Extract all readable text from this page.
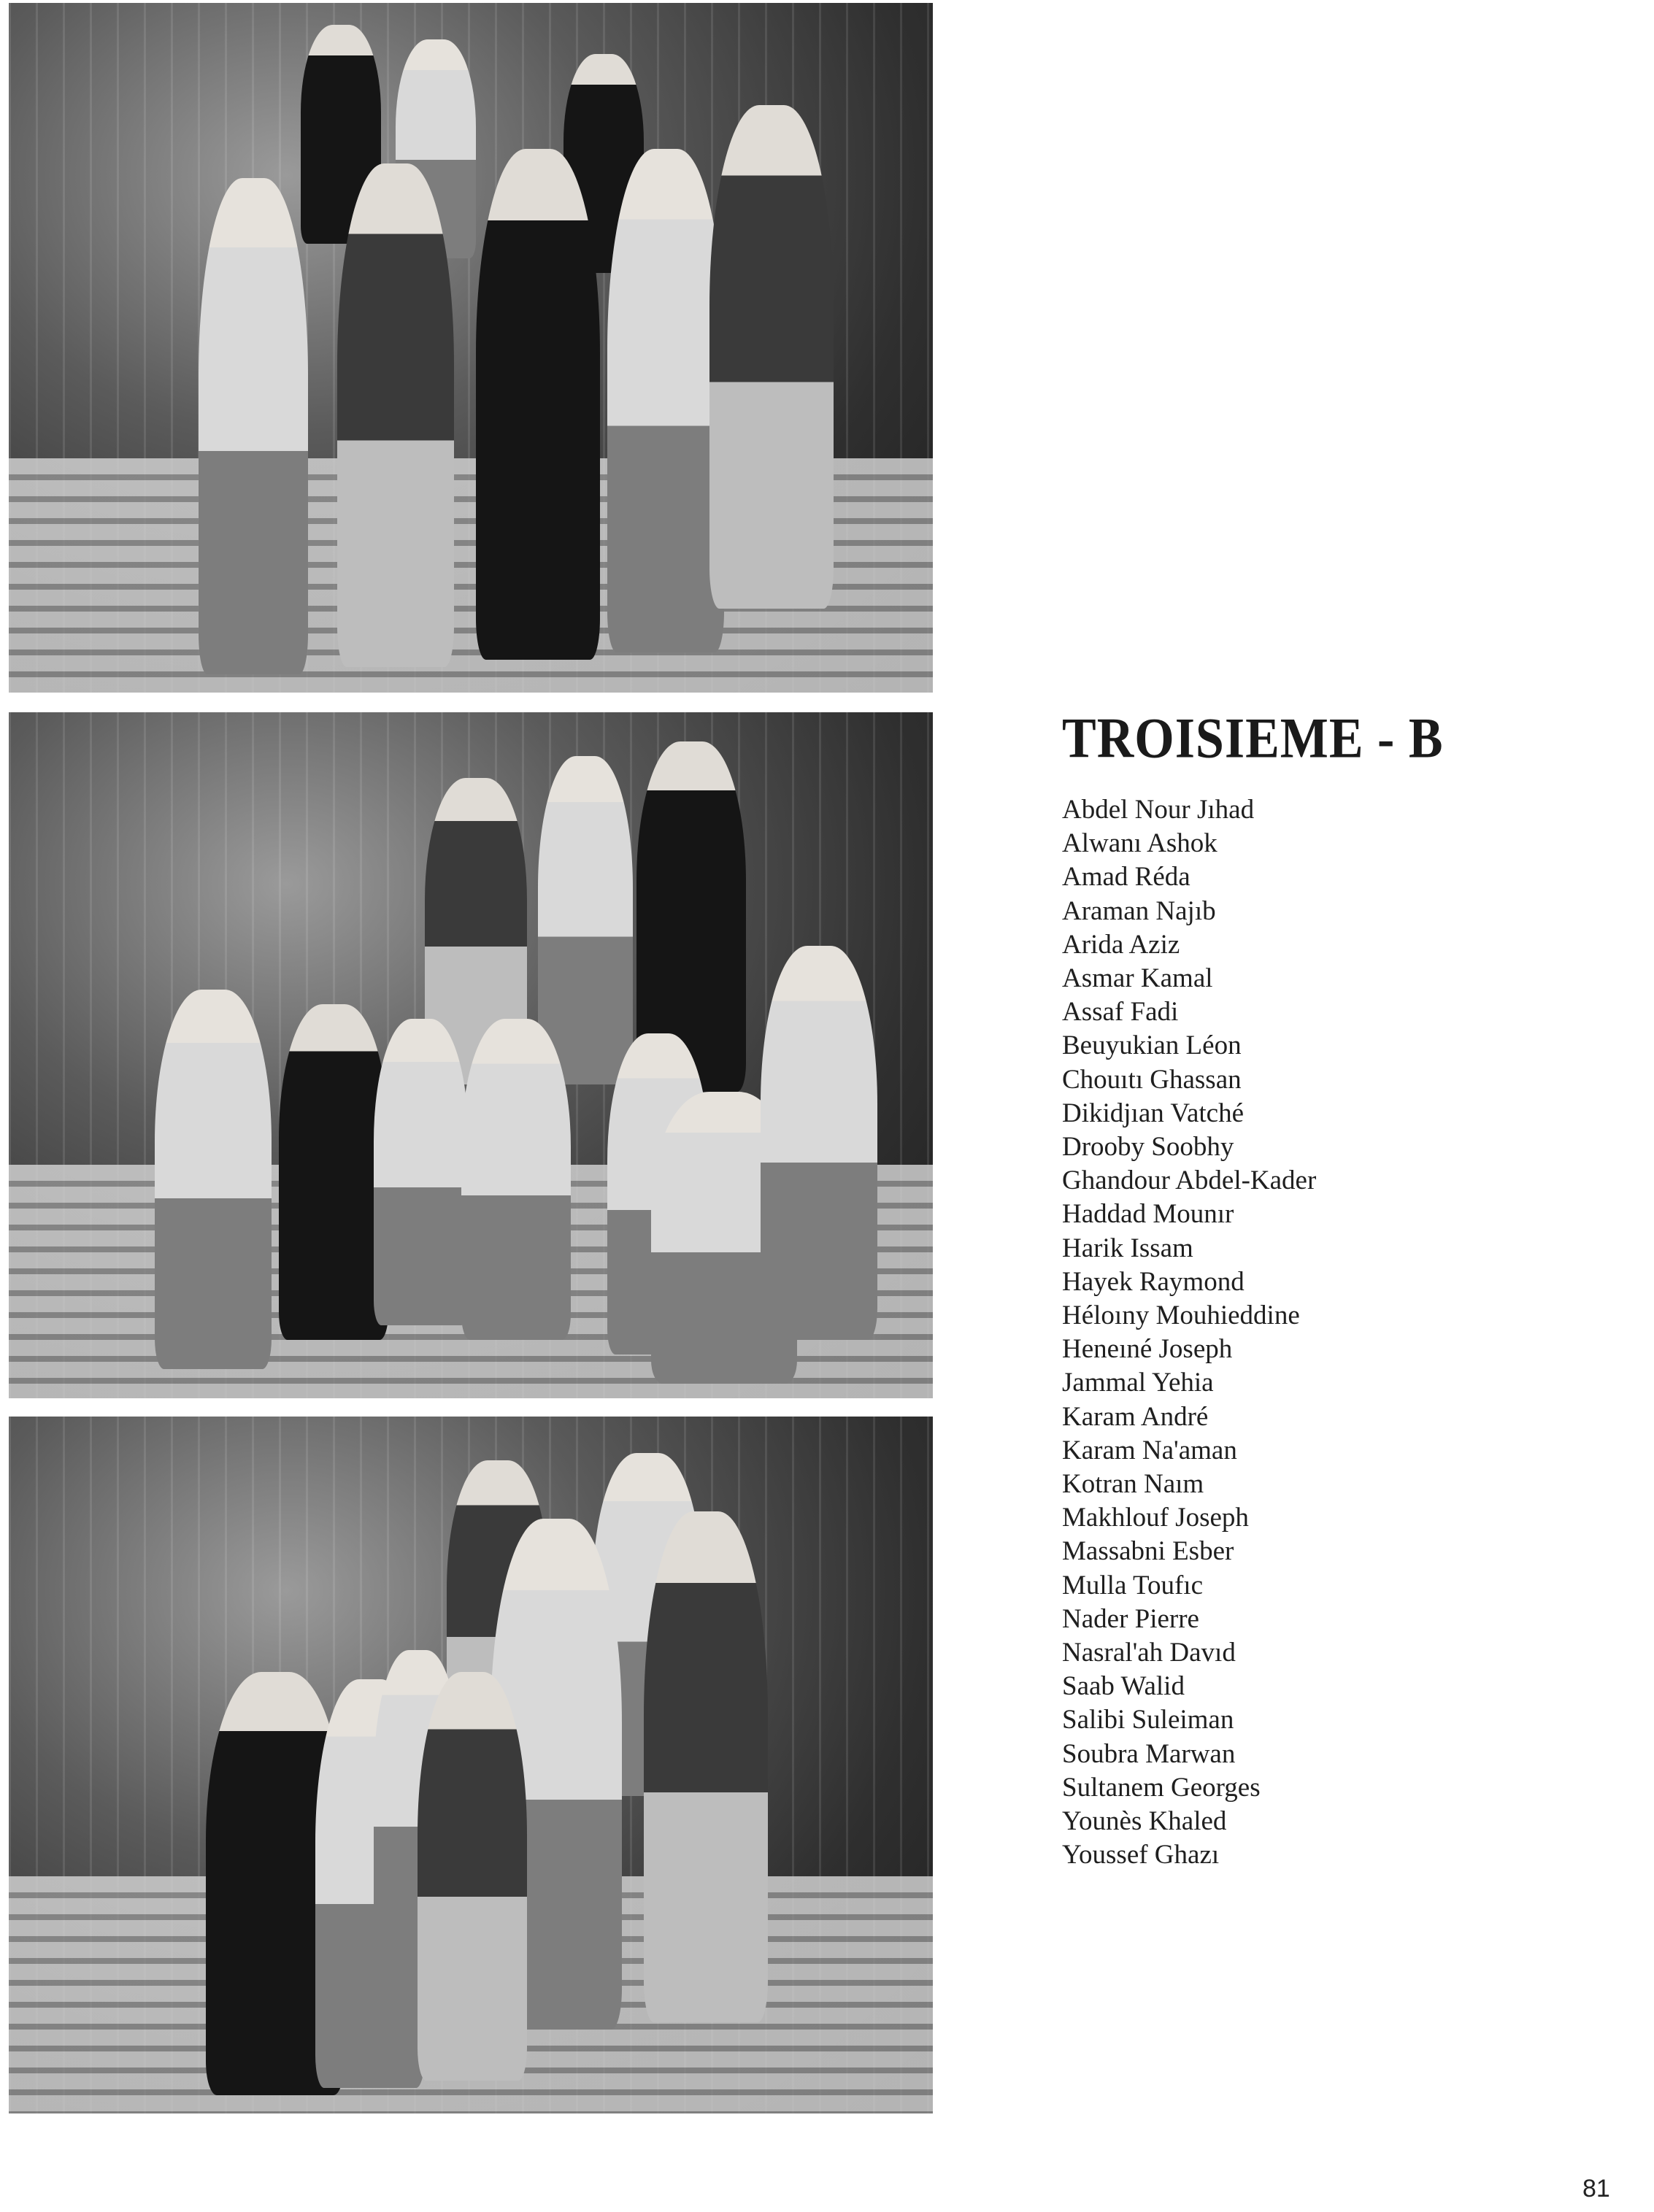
TROISIEME - B
Abdel Nour Jıhad
Alwanı Ashok
Amad Réda
Araman Najıb
Arida Aziz
Asmar Kamal
Assaf Fadi
Beuyukian Léon
Chouıtı Ghassan
Dikidjıan Vatché
Drooby Soobhy
Ghandour Abdel-Kader
Haddad Mounır
Harik Issam
Hayek Raymond
Héloıny Mouhieddine
Heneıné Joseph
Jammal Yehia
Karam André
Karam Na'aman
Kotran Naım
Makhlouf Joseph
Massabni Esber
Mulla Toufıc
Nader Pierre
Nasral'ah Davıd
Saab Walid
Salibi Suleiman
Soubra Marwan
Sultanem Georges
Younès Khaled
Youssef Ghazı
81
